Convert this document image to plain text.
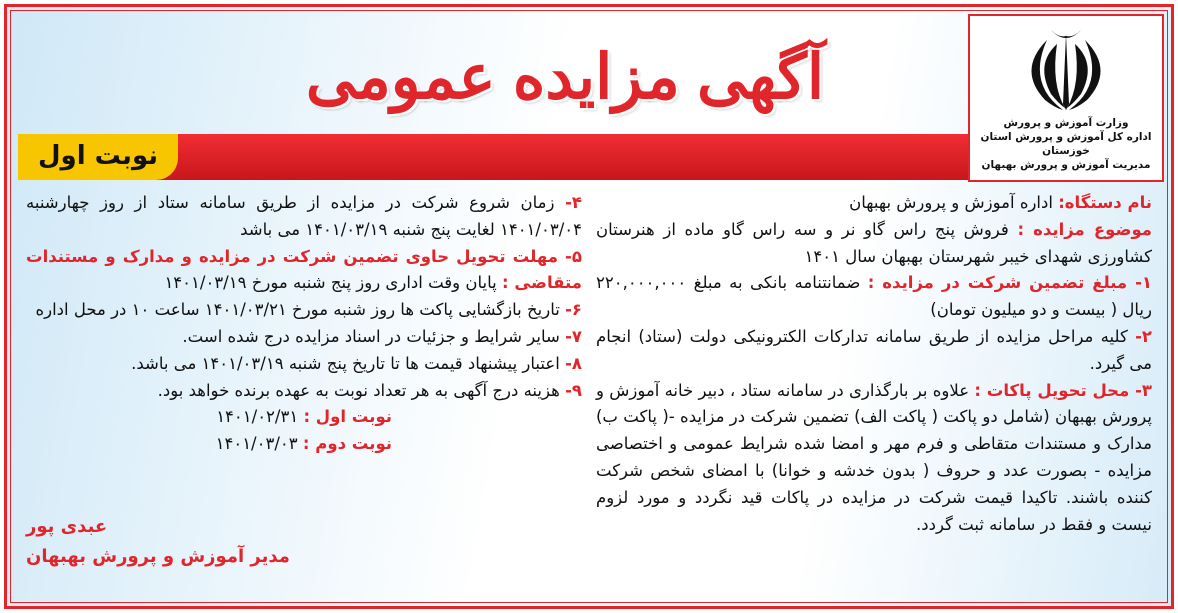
نوبت اول
آگهی مزایده عمومی
وزارت آموزش و پرورش
اداره کل آموزش و پرورش استان خوزستان
مدیریت آموزش و پرورش بهبهان
نام دستگاه: اداره آموزش و پرورش بهبهان
موضوع مزایده : فروش پنج راس گاو نر و سه راس گاو ماده از هنرستان کشاورزی شهدای خیبر شهرستان بهبهان سال ۱۴۰۱
۱- مبلغ تضمین شرکت در مزایده : ضمانتنامه بانکی به مبلغ ۲۲۰,۰۰۰,۰۰۰ ریال ( بیست و دو میلیون تومان)
۲- کلیه مراحل مزایده از طریق سامانه تدارکات الکترونیکی دولت (ستاد) انجام می گیرد.
۳- محل تحویل پاکات : علاوه بر بارگذاری در سامانه ستاد ، دبیر خانه آموزش و پرورش بهبهان (شامل دو پاکت ( پاکت الف) تضمین شرکت در مزایده -( پاکت ب) مدارک و مستندات متقاطی و فرم مهر و امضا شده شرایط عمومی و اختصاصی مزایده - بصورت عدد و حروف ( بدون خدشه و خوانا) با امضای شخص شرکت کننده باشند. تاکیدا قیمت شرکت در مزایده در پاکات قید نگردد و مورد لزوم نیست و فقط در سامانه ثبت گردد.
۴- زمان شروع شرکت در مزایده از طریق سامانه ستاد از روز چهارشنبه ۱۴۰۱/۰۳/۰۴ لغایت پنج شنبه ۱۴۰۱/۰۳/۱۹ می باشد
۵- مهلت تحویل حاوی تضمین شرکت در مزایده و مدارک و مستندات متقاضی : پایان وقت اداری روز پنج شنبه مورخ ۱۴۰۱/۰۳/۱۹
۶- تاریخ بازگشایی پاکت ها روز شنبه مورخ ۱۴۰۱/۰۳/۲۱ ساعت ۱۰ در محل اداره
۷- سایر شرایط و جزئیات در اسناد مزایده درج شده است.
۸- اعتبار پیشنهاد قیمت ها تا تاریخ پنج شنبه ۱۴۰۱/۰۳/۱۹ می باشد.
۹- هزینه درج آگهی به هر تعداد نوبت به عهده برنده خواهد بود.
نوبت اول : ۱۴۰۱/۰۲/۳۱
نوبت دوم : ۱۴۰۱/۰۳/۰۳
عبدی پور
مدیر آموزش و پرورش بهبهان
